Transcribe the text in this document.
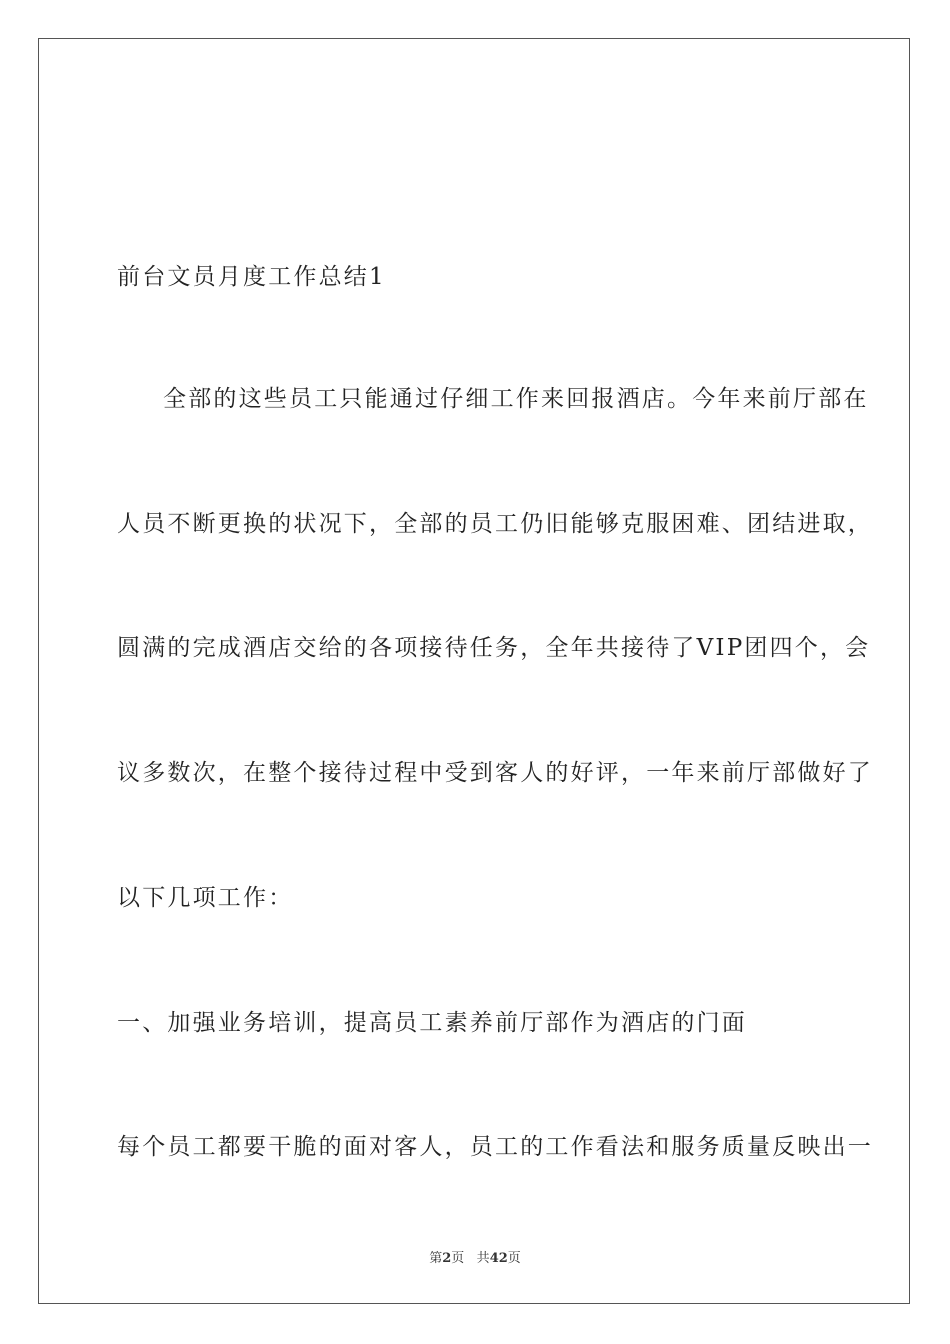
前台文员月度工作总结1
全部的这些员工只能通过仔细工作来回报酒店。今年来前厅部在
人员不断更换的状况下，全部的员工仍旧能够克服困难、团结进取，
圆满的完成酒店交给的各项接待任务，全年共接待了VIP团四个，会
议多数次，在整个接待过程中受到客人的好评，一年来前厅部做好了
以下几项工作：
一、加强业务培训，提高员工素养前厅部作为酒店的门面
每个员工都要干脆的面对客人，员工的工作看法和服务质量反映出一
第2页 共42页
